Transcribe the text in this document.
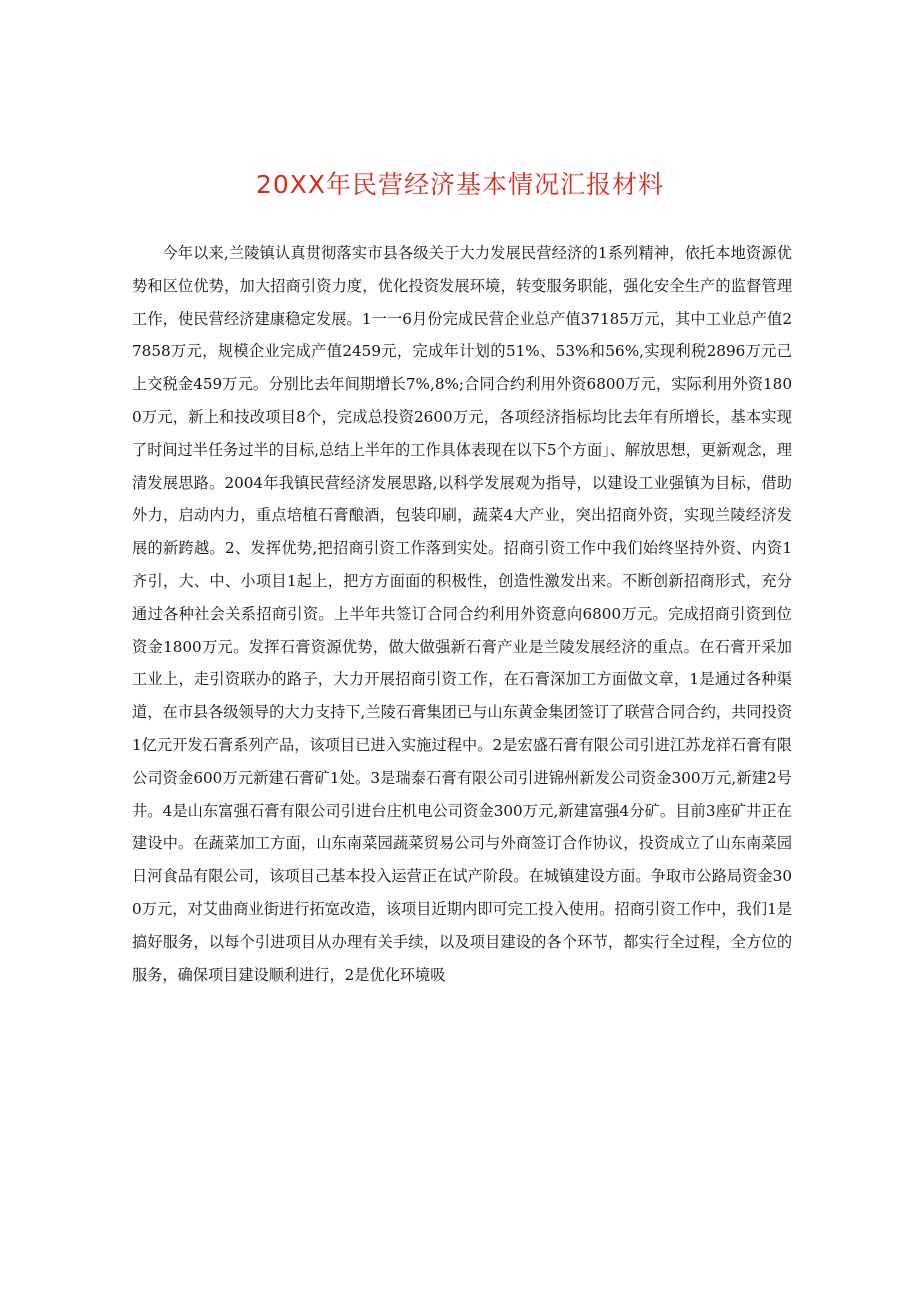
20XX年民营经济基本情况汇报材料

今年以来,兰陵镇认真贯彻落实市县各级关于大力发展民营经济的1系列精神，依托本地资源优势和区位优势，加大招商引资力度，优化投资发展环境，转变服务职能，强化安全生产的监督管理工作，使民营经济建康稳定发展。1一一6月份完成民营企业总产值37185万元，其中工业总产值27858万元，规模企业完成产值2459元，完成年计划的51%、53%和56%,实现利税2896万元己上交税金459万元。分别比去年间期增长7%,8%;合同合约利用外资6800万元，实际利用外资1800万元，新上和技改项目8个，完成总投资2600万元，各项经济指标均比去年有所增长，基本实现了时间过半任务过半的目标,总结上半年的工作具体表现在以下5个方面」、解放思想，更新观念，理清发展思路。2004年我镇民营经济发展思路,以科学发展观为指导，以建设工业强镇为目标，借助外力，启动内力，重点培植石膏酿酒，包装印刷，蔬菜4大产业，突出招商外资，实现兰陵经济发展的新跨越。2、发挥优势,把招商引资工作落到实处。招商引资工作中我们始终坚持外资、内资1齐引，大、中、小项目1起上，把方方面面的积极性，创造性激发出来。不断创新招商形式，充分通过各种社会关系招商引资。上半年共签订合同合约利用外资意向6800万元。完成招商引资到位资金1800万元。发挥石膏资源优势，做大做强新石膏产业是兰陵发展经济的重点。在石膏开采加工业上，走引资联办的路子，大力开展招商引资工作，在石膏深加工方面做文章，1是通过各种渠道，在市县各级领导的大力支持下,兰陵石膏集团已与山东黄金集团签订了联营合同合约，共同投资1亿元开发石膏系列产品，该项目已进入实施过程中。2是宏盛石膏有限公司引进江苏龙祥石膏有限公司资金600万元新建石膏矿1处。3是瑞泰石膏有限公司引进锦州新发公司资金300万元,新建2号井。4是山东富强石膏有限公司引进台庄机电公司资金300万元,新建富强4分矿。目前3座矿井正在建设中。在蔬菜加工方面，山东南菜园蔬菜贸易公司与外商签订合作协议，投资成立了山东南菜园日河食品有限公司，该项目己基本投入运营正在试产阶段。在城镇建设方面。争取市公路局资金300万元，对艾曲商业街进行拓宽改造，该项目近期内即可完工投入使用。招商引资工作中，我们1是搞好服务，以每个引进项目从办理有关手续，以及项目建设的各个环节，都实行全过程，全方位的服务，确保项目建设顺利进行，2是优化环境吸
